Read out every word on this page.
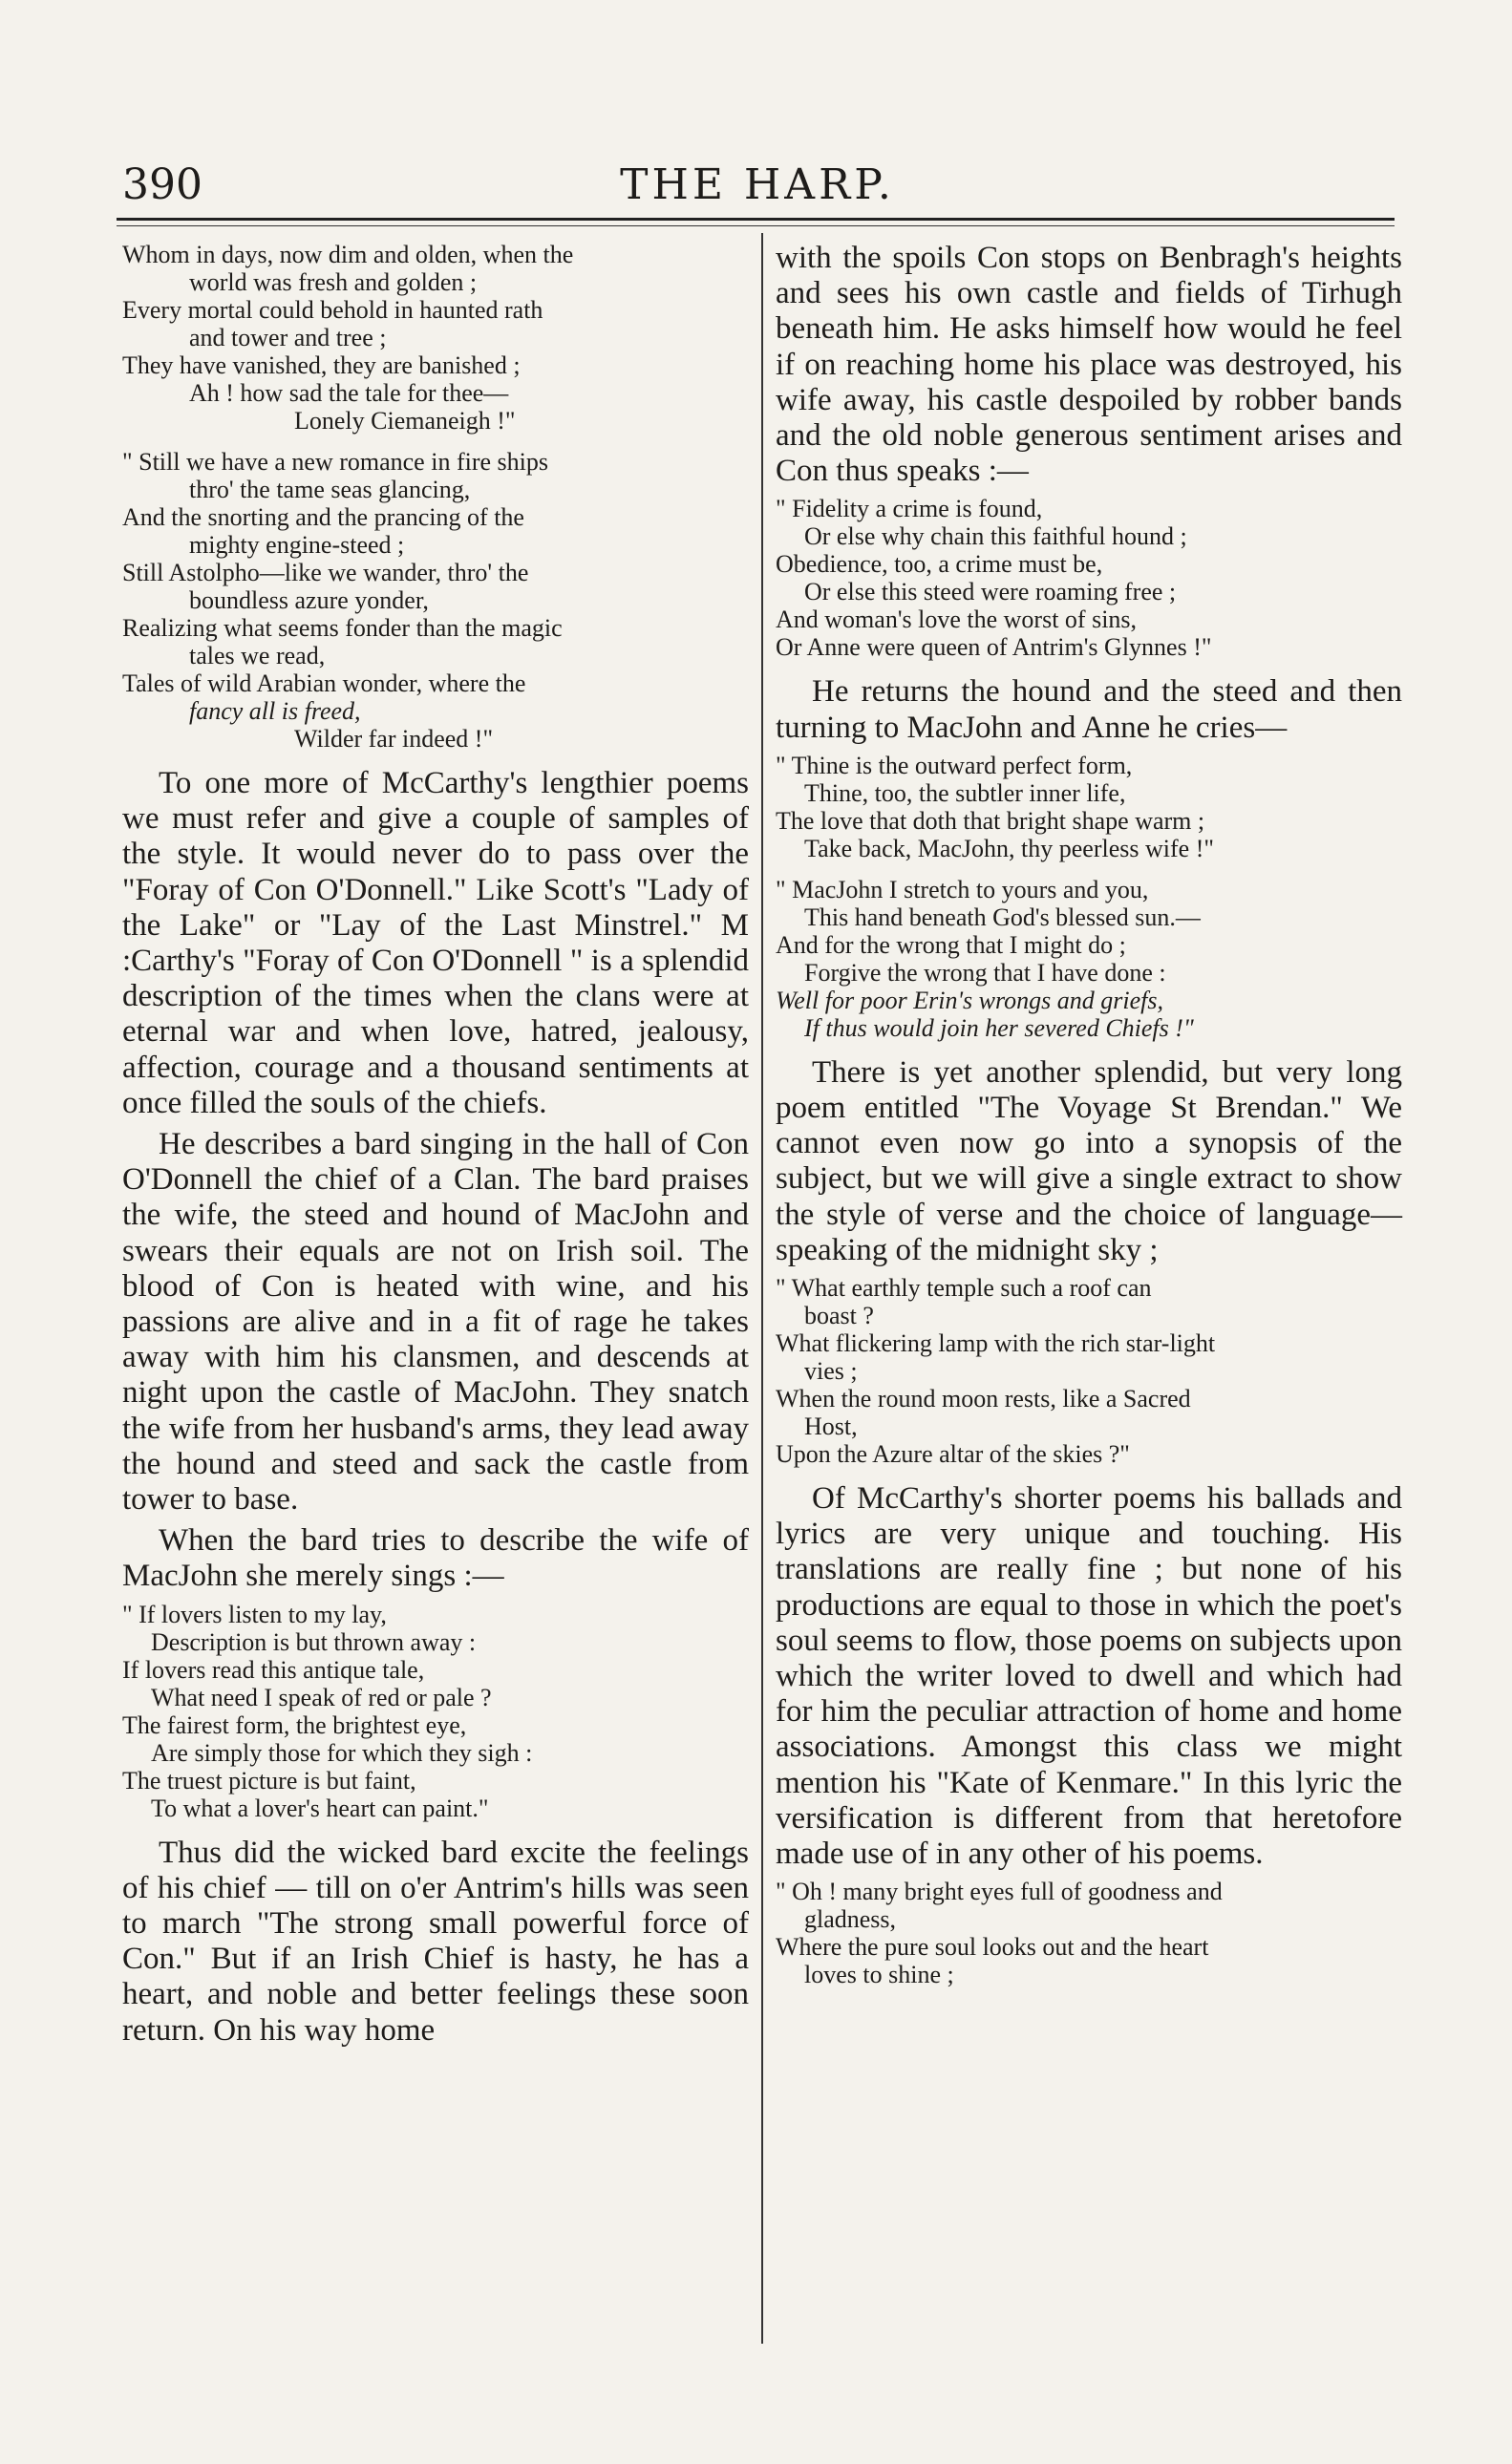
390	THE HARP.
Whom in days, now dim and olden, when the
world was fresh and golden ;
Every mortal could behold in haunted rath
and tower and tree ;
They have vanished, they are banished ;
Ah ! how sad the tale for thee—
Lonely Ciemaneigh !"
" Still we have a new romance in fire ships
thro' the tame seas glancing,
And the snorting and the prancing of the
mighty engine-steed ;
Still Astolpho—like we wander, thro' the
boundless azure yonder,
Realizing what seems fonder than the magic
tales we read,
Tales of wild Arabian wonder, where the
fancy all is freed,
Wilder far indeed !"

To one more of McCarthy's lengthier poems we must refer and give a couple of samples of the style. It would never do to pass over the "Foray of Con O'Donnell." Like Scott's "Lady of the Lake" or "Lay of the Last Minstrel." M :Carthy's "Foray of Con O'Donnell " is a splendid description of the times when the clans were at eternal war and when love, hatred, jealousy, affection, courage and a thousand sentiments at once filled the souls of the chiefs.

He describes a bard singing in the hall of Con O'Donnell the chief of a Clan. The bard praises the wife, the steed and hound of MacJohn and swears their equals are not on Irish soil. The blood of Con is heated with wine, and his passions are alive and in a fit of rage he takes away with him his clansmen, and descends at night upon the castle of MacJohn. They snatch the wife from her husband's arms, they lead away the hound and steed and sack the castle from tower to base.

When the bard tries to describe the wife of MacJohn she merely sings :—

" If lovers listen to my lay,
Description is but thrown away :
If lovers read this antique tale,
What need I speak of red or pale ?
The fairest form, the brightest eye,
Are simply those for which they sigh :
The truest picture is but faint,
To what a lover's heart can paint."

Thus did the wicked bard excite the feelings of his chief — till on o'er Antrim's hills was seen to march "The strong small powerful force of Con." But if an Irish Chief is hasty, he has a heart, and noble and better feelings these soon return. On his way home

with the spoils Con stops on Benbragh's heights and sees his own castle and fields of Tirhugh beneath him. He asks himself how would he feel if on reaching home his place was destroyed, his wife away, his castle despoiled by robber bands and the old noble generous sentiment arises and Con thus speaks :—

" Fidelity a crime is found,
Or else why chain this faithful hound ;
Obedience, too, a crime must be,
Or else this steed were roaming free ;
And woman's love the worst of sins,
Or Anne were queen of Antrim's Glynnes !"

He returns the hound and the steed and then turning to MacJohn and Anne he cries—

" Thine is the outward perfect form,
Thine, too, the subtler inner life,
The love that doth that bright shape warm ;
Take back, MacJohn, thy peerless wife !"
" MacJohn I stretch to yours and you,
This hand beneath God's blessed sun.—
And for the wrong that I might do ;
Forgive the wrong that I have done :
Well for poor Erin's wrongs and griefs,
If thus would join her severed Chiefs !"

There is yet another splendid, but very long poem entitled "The Voyage St Brendan." We cannot even now go into a synopsis of the subject, but we will give a single extract to show the style of verse and the choice of language—speaking of the midnight sky ;

" What earthly temple such a roof can
boast ?
What flickering lamp with the rich star-light
vies ;
When the round moon rests, like a Sacred
Host,
Upon the Azure altar of the skies ?"

Of McCarthy's shorter poems his ballads and lyrics are very unique and touching. His translations are really fine ; but none of his productions are equal to those in which the poet's soul seems to flow, those poems on subjects upon which the writer loved to dwell and which had for him the peculiar attraction of home and home associations. Amongst this class we might mention his "Kate of Kenmare." In this lyric the versification is different from that heretofore made use of in any other of his poems.

" Oh ! many bright eyes full of goodness and
gladness,
Where the pure soul looks out and the heart
loves to shine ;
